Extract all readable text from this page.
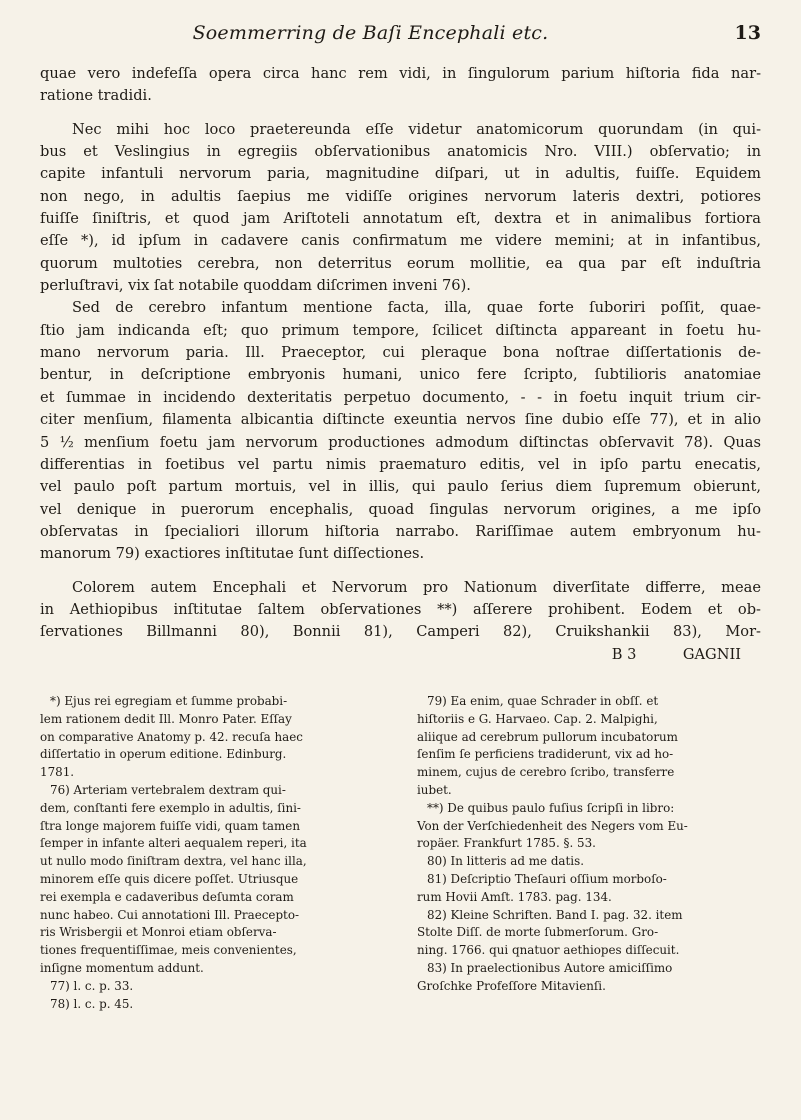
Soemmerring de Baſi Encephali etc.	13

quae vero indefeſſa opera circa hanc rem vidi, in ſingulorum parium hiſtoria fida nar-

ratione tradidi.

Nec mihi hoc loco praetereunda eſſe videtur anatomicorum quorundam (in qui-

bus et Veslingius in egregiis obſervationibus anatomicis Nro. VIII.) obſervatio; in

capite infantuli nervorum paria, magnitudine diſpari, ut in adultis, fuiſſe. Equidem

non nego, in adultis ſaepius me vidiſſe origines nervorum lateris dextri, potiores

fuiſſe ſiniſtris, et quod jam Ariſtoteli annotatum eſt, dextra et in animalibus fortiora

eſſe *), id ipſum in cadavere canis confirmatum me videre memini; at in infantibus,

quorum multoties cerebra, non deterritus eorum mollitie, ea qua par eſt induſtria

perluſtravi, vix ſat notabile quoddam diſcrimen inveni 76).

Sed de cerebro infantum mentione facta, illa, quae forte ſuboriri poſſit, quae-

ſtio jam indicanda eſt; quo primum tempore, ſcilicet diſtincta appareant in foetu hu-

mano nervorum paria. Ill. Praeceptor, cui pleraque bona noſtrae diſſertationis de-

bentur, in deſcriptione embryonis humani, unico fere ſcripto, ſubtilioris anatomiae

et ſummae in incidendo dexteritatis perpetuo documento, - - in foetu inquit trium cir-

citer menſium, filamenta albicantia diſtincte exeuntia nervos ſine dubio eſſe 77), et in alio

5 ½ menſium foetu jam nervorum productiones admodum diſtinctas obſervavit 78). Quas

differentias in foetibus vel partu nimis praematuro editis, vel in ipſo partu enecatis,

vel paulo poſt partum mortuis, vel in illis, qui paulo ſerius diem ſupremum obierunt,

vel denique in puerorum encephalis, quoad ſingulas nervorum origines, a me ipſo

obſervatas in ſpecialiori illorum hiſtoria narrabo. Rariſſimae autem embryonum hu-

manorum 79) exactiores inſtitutae ſunt diſſectiones.

Colorem autem Encephali et Nervorum pro Nationum diverſitate differre, meae

in Aethiopibus inſtitutae ſaltem obſervationes **) aſſerere prohibent. Eodem et ob-

ſervationes Billmanni 80), Bonnii 81), Camperi 82), Cruikshankii 83), Mor-

B 3          GAGNII

*) Ejus rei egregiam et ſumme probabi-

lem rationem dedit Ill. Monro Pater. Eſſay

on comparative Anatomy p. 42. recuſa haec

diſſertatio in operum editione. Edinburg.

1781.

76) Arteriam vertebralem dextram qui-

dem, conſtanti fere exemplo in adultis, ſini-

ſtra longe majorem fuiſſe vidi, quam tamen

ſemper in infante alteri aequalem reperi, ita

ut nullo modo ſiniſtram dextra, vel hanc illa,

minorem eſſe quis dicere poſſet. Utriusque

rei exempla e cadaveribus deſumta coram

nunc habeo. Cui annotationi Ill. Praecepto-

ris Wrisbergii et Monroi etiam obſerva-

tiones frequentiſſimae, meis convenientes,

inſigne momentum addunt.

77) l. c. p. 33.

78) l. c. p. 45.

79) Ea enim, quae Schrader in obſſ. et

hiſtoriis e G. Harvaeo. Cap. 2. Malpighi,

aliique ad cerebrum pullorum incubatorum

ſenſim ſe perficiens tradiderunt, vix ad ho-

minem, cujus de cerebro ſcribo, transferre

iubet.

**) De quibus paulo fuſius ſcripſi in libro:

Von der Verſchiedenheit des Negers vom Eu-

ropäer. Frankfurt 1785. §. 53.

80) In litteris ad me datis.

81) Deſcriptio Theſauri oſſium morboſo-

rum Hovii Amſt. 1783. pag. 134.

82) Kleine Schriften. Band I. pag. 32. item

Stolte Diſſ. de morte ſubmerſorum. Gro-

ning. 1766. qui qnatuor aethiopes diſſecuit.

83) In praelectionibus Autore amiciſſimo

Groſchke Profeſſore Mitavienſi.
